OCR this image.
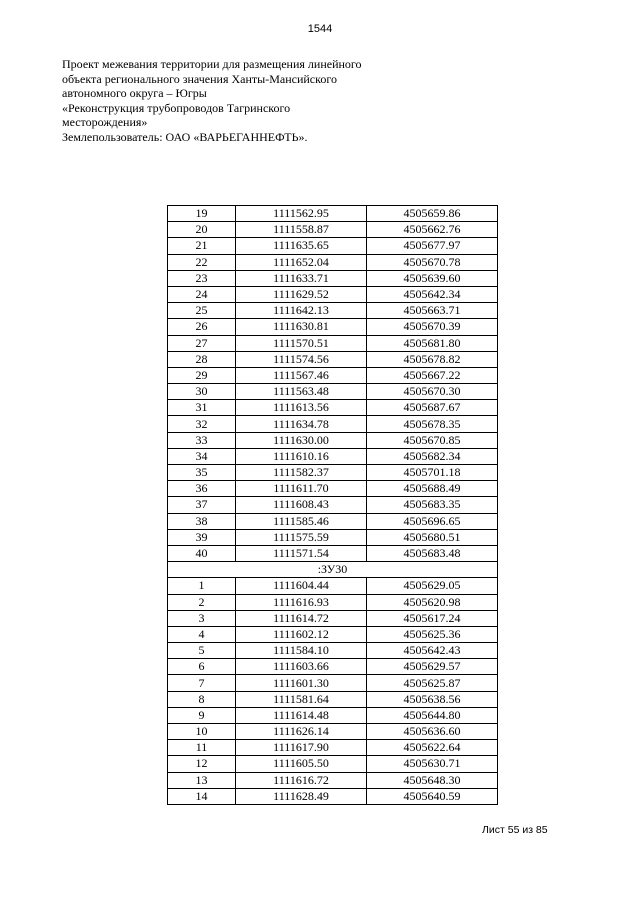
1544
Проект межевания территории для размещения линейного
объекта регионального значения Ханты-Мансийского
автономного округа – Югры
«Реконструкция трубопроводов Тагринского
месторождения»
Землепользователь: ОАО «ВАРЬЕГАННЕФТЬ».
19	1111562.95	4505659.86
20	1111558.87	4505662.76
21	1111635.65	4505677.97
22	1111652.04	4505670.78
23	1111633.71	4505639.60
24	1111629.52	4505642.34
25	1111642.13	4505663.71
26	1111630.81	4505670.39
27	1111570.51	4505681.80
28	1111574.56	4505678.82
29	1111567.46	4505667.22
30	1111563.48	4505670.30
31	1111613.56	4505687.67
32	1111634.78	4505678.35
33	1111630.00	4505670.85
34	1111610.16	4505682.34
35	1111582.37	4505701.18
36	1111611.70	4505688.49
37	1111608.43	4505683.35
38	1111585.46	4505696.65
39	1111575.59	4505680.51
40	1111571.54	4505683.48
:ЗУ30		
1	1111604.44	4505629.05
2	1111616.93	4505620.98
3	1111614.72	4505617.24
4	1111602.12	4505625.36
5	1111584.10	4505642.43
6	1111603.66	4505629.57
7	1111601.30	4505625.87
8	1111581.64	4505638.56
9	1111614.48	4505644.80
10	1111626.14	4505636.60
11	1111617.90	4505622.64
12	1111605.50	4505630.71
13	1111616.72	4505648.30
14	1111628.49	4505640.59
Лист 55 из 85
